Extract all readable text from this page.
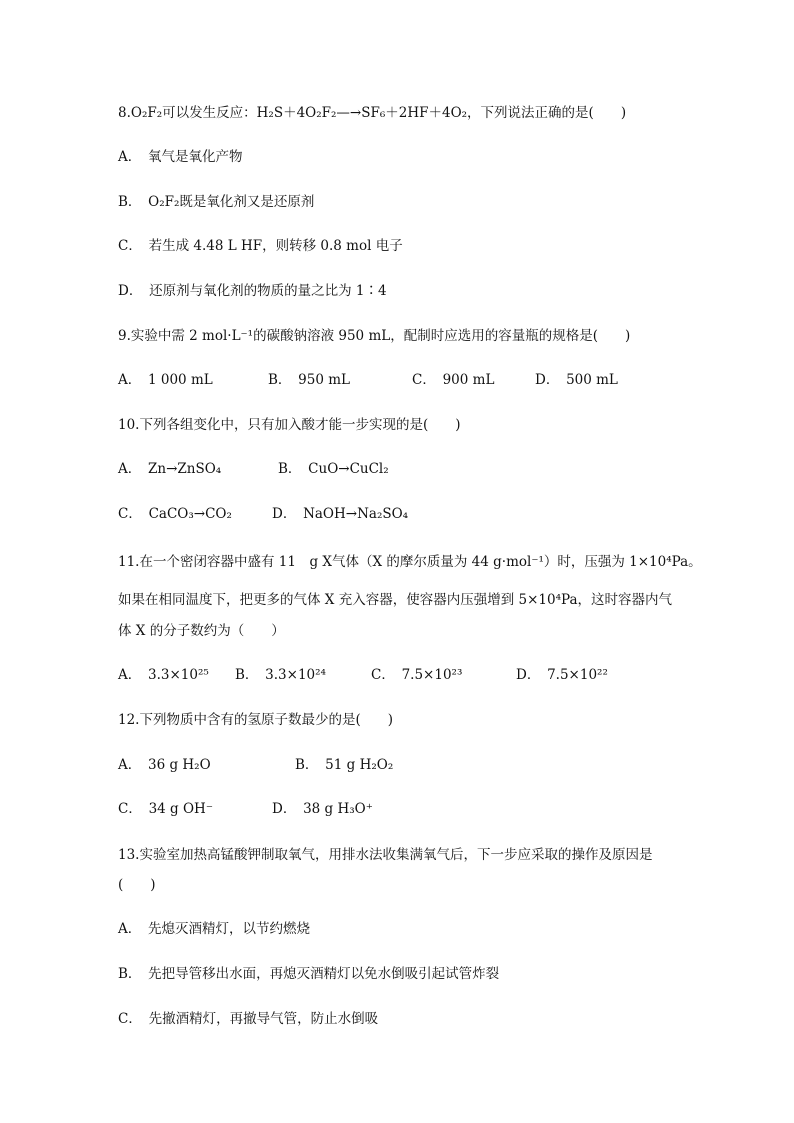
8.O₂F₂可以发生反应：H₂S＋4O₂F₂—→SF₆＋2HF＋4O₂，下列说法正确的是(　　)
A．　氧气是氧化产物
B．　O₂F₂既是氧化剂又是还原剂
C．　若生成 4.48 L HF，则转移 0.8 mol 电子
D．　还原剂与氧化剂的物质的量之比为 1∶4
9.实验中需 2 mol·L⁻¹的碳酸钠溶液 950 mL，配制时应选用的容量瓶的规格是(　　)
A．　1 000 mL	B．　950 mL	C．　900 mL	D．　500 mL
10.下列各组变化中，只有加入酸才能一步实现的是(　　)
A．　Zn→ZnSO₄	B．　CuO→CuCl₂
C．　CaCO₃→CO₂	D．　NaOH→Na₂SO₄
11.在一个密闭容器中盛有 11　g X气体（X 的摩尔质量为 44 g·mol⁻¹）时，压强为 1×10⁴Pa。
如果在相同温度下，把更多的气体 X 充入容器，使容器内压强增到 5×10⁴Pa，这时容器内气
体 X 的分子数约为（　　）
A．　3.3×10²⁵ B．　3.3×10²⁴	C．　7.5×10²³	D．　7.5×10²²
12.下列物质中含有的氢原子数最少的是(　　)
A．　36 g H₂O	B．　51 g H₂O₂
C．　34 g OH⁻	D．　38 g H₃O⁺
13.实验室加热高锰酸钾制取氧气，用排水法收集满氧气后，下一步应采取的操作及原因是
(　　)
A．　先熄灭酒精灯，以节约燃烧
B．　先把导管移出水面，再熄灭酒精灯以免水倒吸引起试管炸裂
C．　先撤酒精灯，再撤导气管，防止水倒吸
